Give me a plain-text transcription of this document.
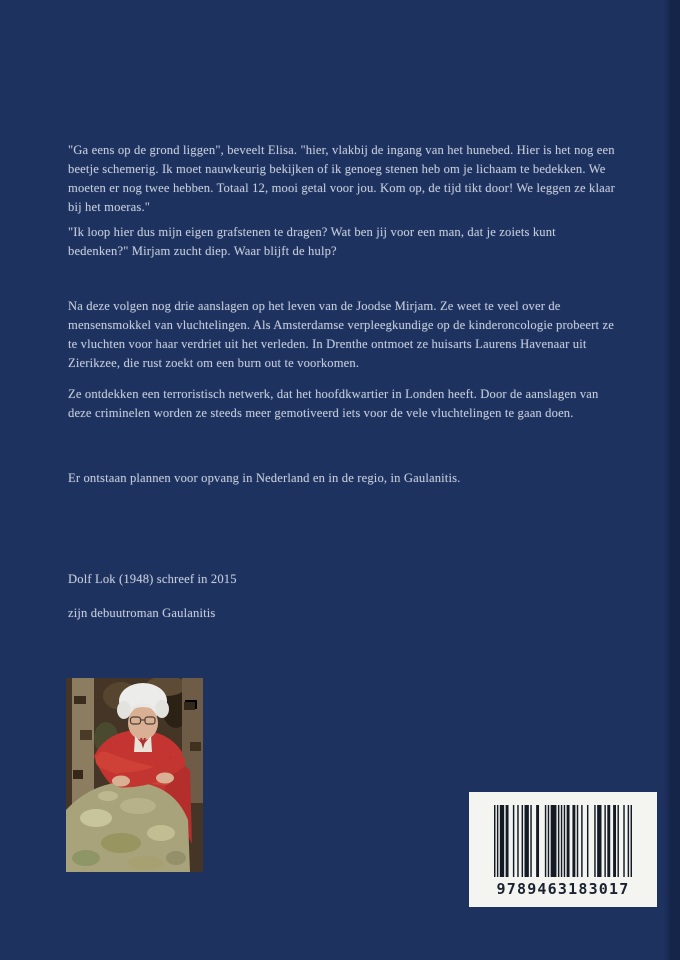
"Ga eens op de grond liggen", beveelt Elisa. "hier, vlakbij de ingang van het hunebed. Hier is het nog een beetje schemerig. Ik moet nauwkeurig bekijken of ik genoeg stenen heb om je lichaam te bedekken. We moeten er nog twee hebben. Totaal 12, mooi getal voor jou. Kom op, de tijd tikt door! We leggen ze klaar bij het moeras."
"Ik loop hier dus mijn eigen grafstenen te dragen? Wat ben jij voor een man, dat je zoiets kunt bedenken?" Mirjam zucht diep. Waar blijft de hulp?
Na deze volgen nog drie aanslagen op het leven van de Joodse Mirjam. Ze weet te veel over de mensensmokkel van vluchtelingen. Als Amsterdamse verpleegkundige op de kinderoncologie probeert ze te vluchten voor haar verdriet uit het verleden. In Drenthe ontmoet ze huisarts Laurens Havenaar uit Zierikzee, die rust zoekt om een burn out te voorkomen.
Ze ontdekken een terroristisch netwerk, dat het hoofdkwartier in Londen heeft. Door de aanslagen van deze criminelen worden ze steeds meer gemotiveerd iets voor de vele vluchtelingen te gaan doen.
Er ontstaan plannen voor opvang in Nederland en in de regio, in Gaulanitis.
Dolf Lok (1948) schreef in 2015
zijn debuutroman Gaulanitis
9789463183017
